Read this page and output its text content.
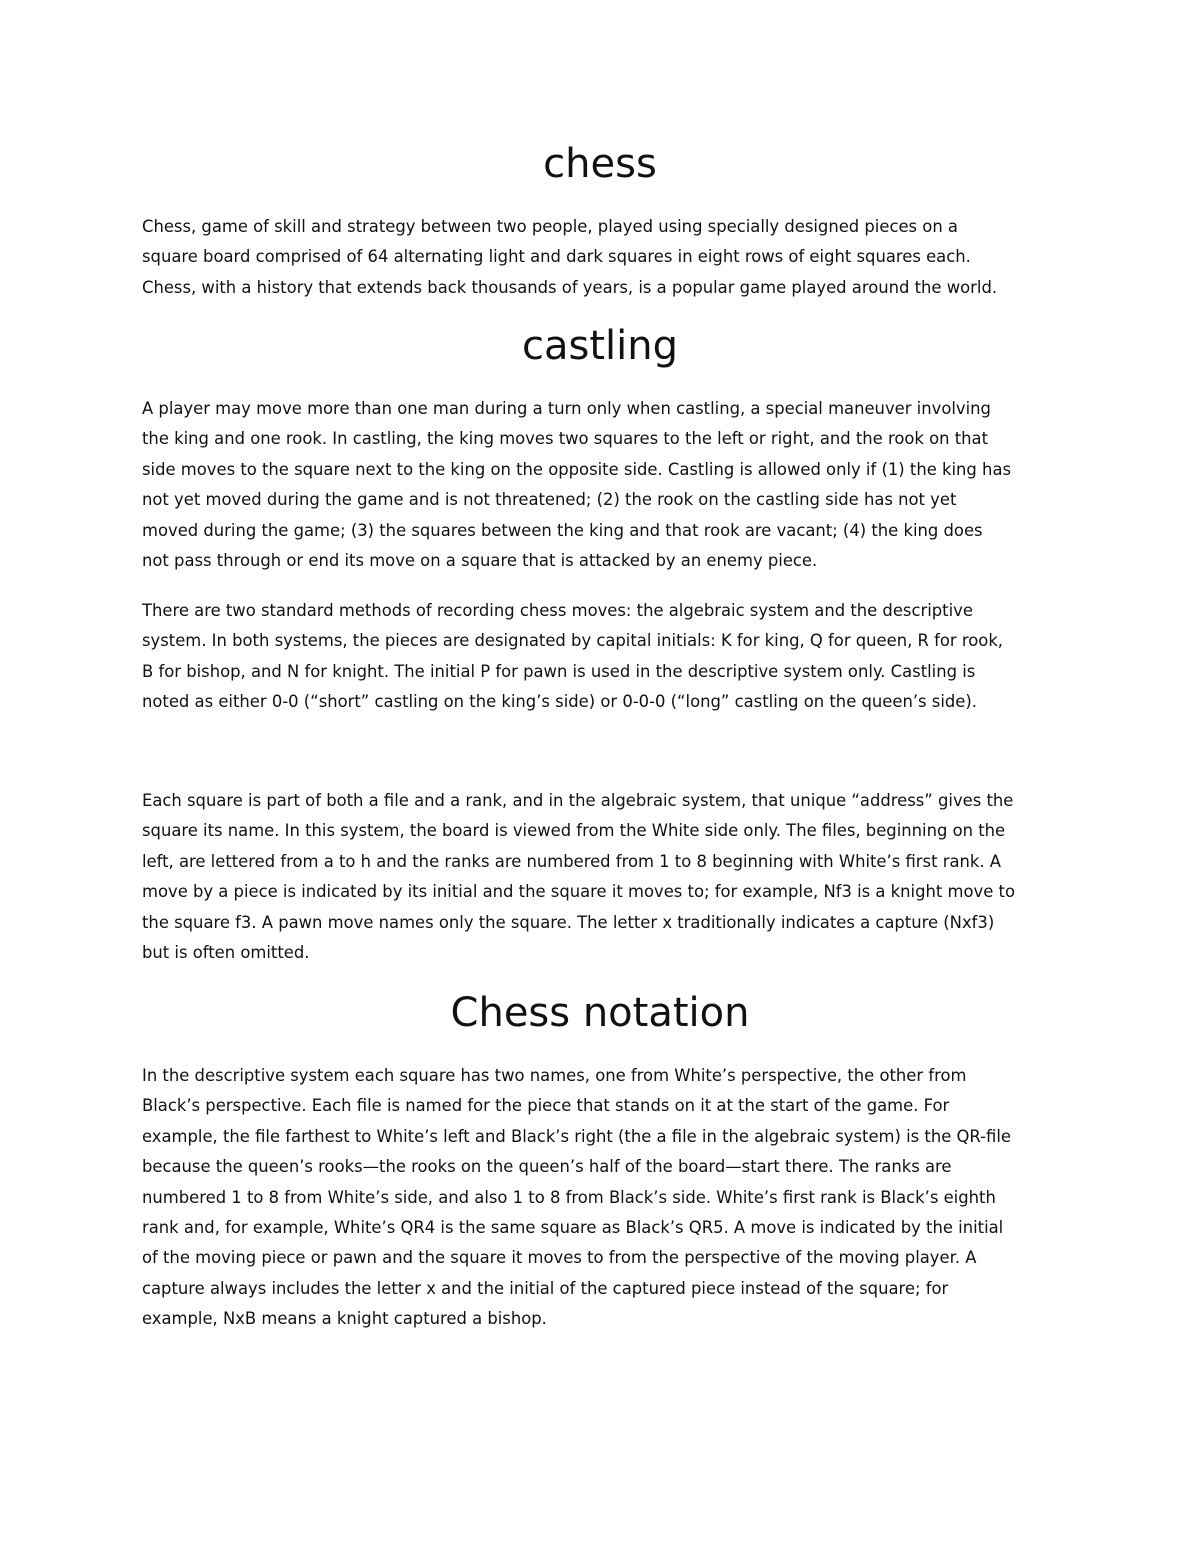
chess

Chess, game of skill and strategy between two people, played using specially designed pieces on a
square board comprised of 64 alternating light and dark squares in eight rows of eight squares each.
Chess, with a history that extends back thousands of years, is a popular game played around the world.

castling

A player may move more than one man during a turn only when castling, a special maneuver involving
the king and one rook. In castling, the king moves two squares to the left or right, and the rook on that
side moves to the square next to the king on the opposite side. Castling is allowed only if (1) the king has
not yet moved during the game and is not threatened; (2) the rook on the castling side has not yet
moved during the game; (3) the squares between the king and that rook are vacant; (4) the king does
not pass through or end its move on a square that is attacked by an enemy piece.

There are two standard methods of recording chess moves: the algebraic system and the descriptive
system. In both systems, the pieces are designated by capital initials: K for king, Q for queen, R for rook,
B for bishop, and N for knight. The initial P for pawn is used in the descriptive system only. Castling is
noted as either 0-0 (“short” castling on the king’s side) or 0-0-0 (“long” castling on the queen’s side).

Each square is part of both a file and a rank, and in the algebraic system, that unique “address” gives the
square its name. In this system, the board is viewed from the White side only. The files, beginning on the
left, are lettered from a to h and the ranks are numbered from 1 to 8 beginning with White’s first rank. A
move by a piece is indicated by its initial and the square it moves to; for example, Nf3 is a knight move to
the square f3. A pawn move names only the square. The letter x traditionally indicates a capture (Nxf3)
but is often omitted.

Chess notation

In the descriptive system each square has two names, one from White’s perspective, the other from
Black’s perspective. Each file is named for the piece that stands on it at the start of the game. For
example, the file farthest to White’s left and Black’s right (the a file in the algebraic system) is the QR-file
because the queen’s rooks—the rooks on the queen’s half of the board—start there. The ranks are
numbered 1 to 8 from White’s side, and also 1 to 8 from Black’s side. White’s first rank is Black’s eighth
rank and, for example, White’s QR4 is the same square as Black’s QR5. A move is indicated by the initial
of the moving piece or pawn and the square it moves to from the perspective of the moving player. A
capture always includes the letter x and the initial of the captured piece instead of the square; for
example, NxB means a knight captured a bishop.
